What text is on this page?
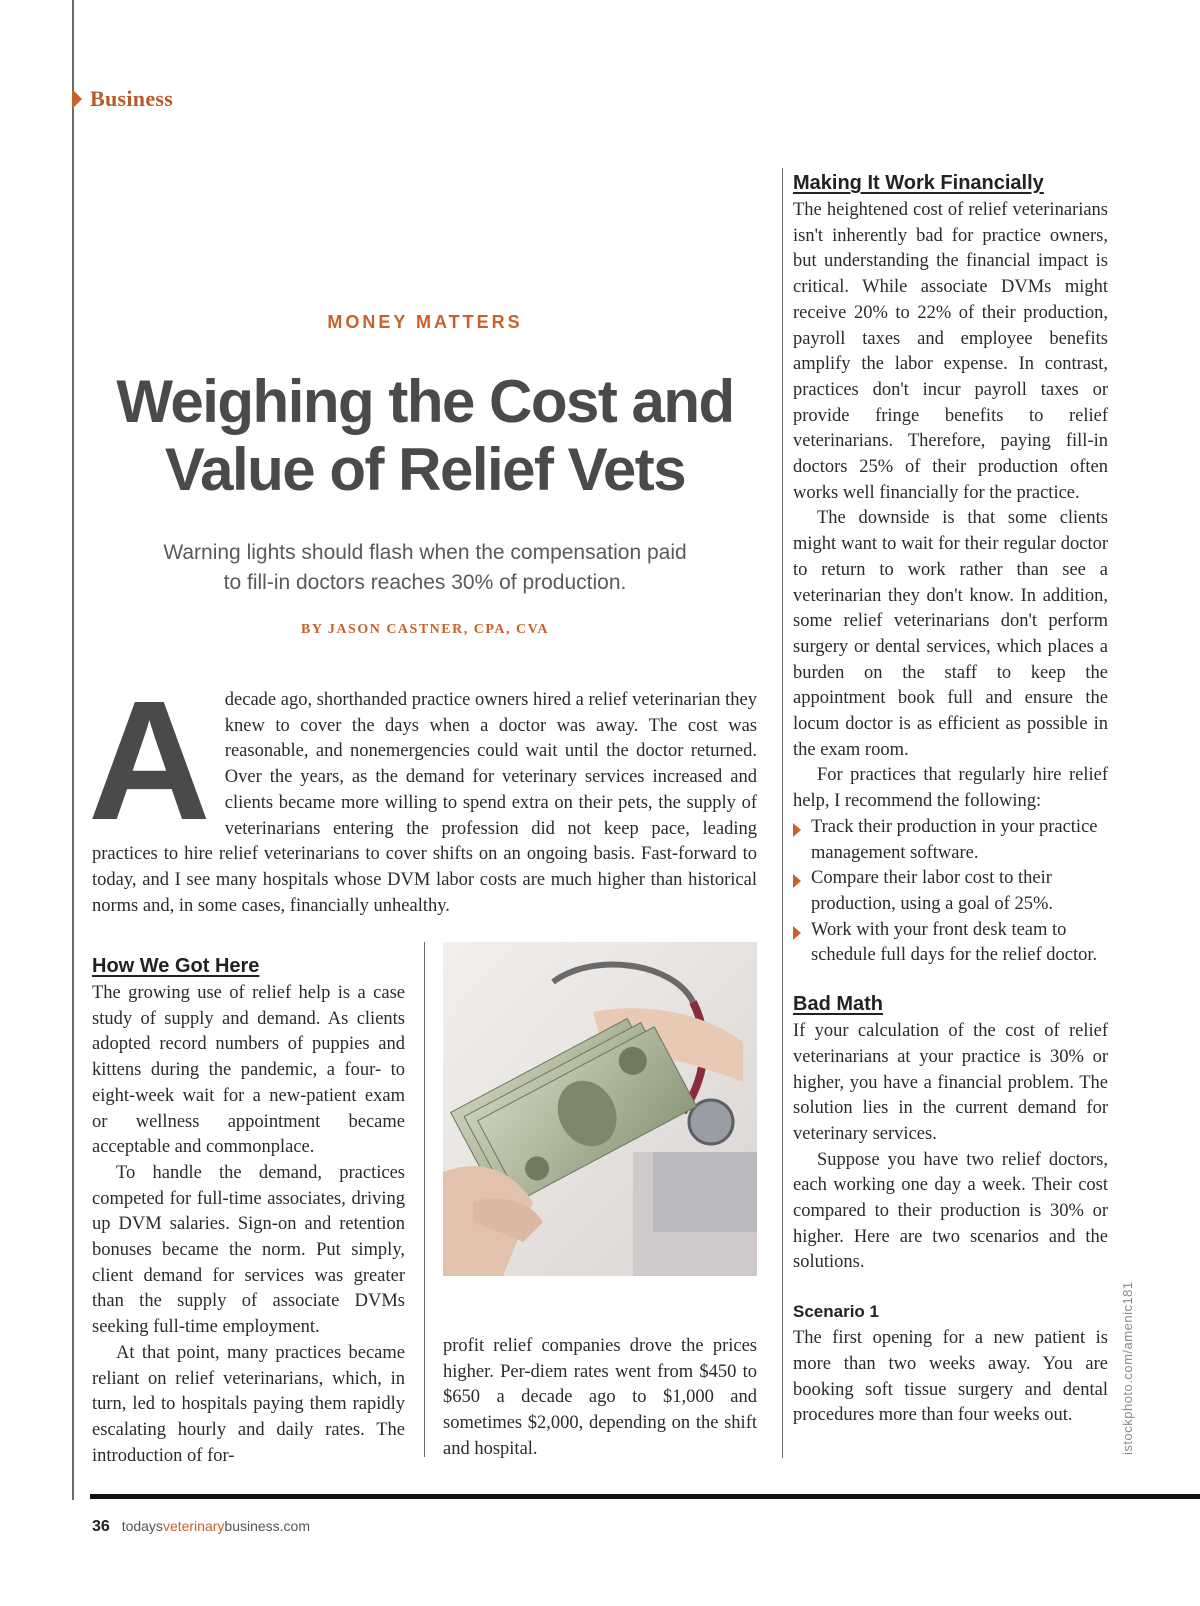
Business
MONEY MATTERS
Weighing the Cost and Value of Relief Vets
Warning lights should flash when the compensation paid to fill-in doctors reaches 30% of production.
BY JASON CASTNER, CPA, CVA
A decade ago, shorthanded practice owners hired a relief veterinarian they knew to cover the days when a doctor was away. The cost was reasonable, and nonemergencies could wait until the doctor returned. Over the years, as the demand for veterinary services increased and clients became more willing to spend extra on their pets, the supply of veterinarians entering the profession did not keep pace, leading practices to hire relief veterinarians to cover shifts on an ongoing basis. Fast-forward to today, and I see many hospitals whose DVM labor costs are much higher than historical norms and, in some cases, financially unhealthy.
How We Got Here

The growing use of relief help is a case study of supply and demand. As clients adopted record numbers of puppies and kittens during the pandemic, a four- to eight-week wait for a new-patient exam or wellness appointment became acceptable and commonplace.

To handle the demand, practices competed for full-time associates, driving up DVM salaries. Sign-on and retention bonuses became the norm. Put simply, client demand for services was greater than the supply of associate DVMs seeking full-time employment.

At that point, many practices became reliant on relief veterinarians, which, in turn, led to hospitals paying them rapidly escalating hourly and daily rates. The introduction of for-

profit relief companies drove the prices higher. Per-diem rates went from $450 to $650 a decade ago to $1,000 and sometimes $2,000, depending on the shift and hospital.

Making It Work Financially

The heightened cost of relief veterinarians isn't inherently bad for practice owners, but understanding the financial impact is critical. While associate DVMs might receive 20% to 22% of their production, payroll taxes and employee benefits amplify the labor expense. In contrast, practices don't incur payroll taxes or provide fringe benefits to relief veterinarians. Therefore, paying fill-in doctors 25% of their production often works well financially for the practice.

The downside is that some clients might want to wait for their regular doctor to return to work rather than see a veterinarian they don't know. In addition, some relief veterinarians don't perform surgery or dental services, which places a burden on the staff to keep the appointment book full and ensure the locum doctor is as efficient as possible in the exam room.

For practices that regularly hire relief help, I recommend the following:

Track their production in your practice management software.
Compare their labor cost to their production, using a goal of 25%.
Work with your front desk team to schedule full days for the relief doctor.
Bad Math

If your calculation of the cost of relief veterinarians at your practice is 30% or higher, you have a financial problem. The solution lies in the current demand for veterinary services.

Suppose you have two relief doctors, each working one day a week. Their cost compared to their production is 30% or higher. Here are two scenarios and the solutions.

Scenario 1

The first opening for a new patient is more than two weeks away. You are booking soft tissue surgery and dental procedures more than four weeks out.	istockphoto.com/amenic181
36 todaysveterinarybusiness.com
